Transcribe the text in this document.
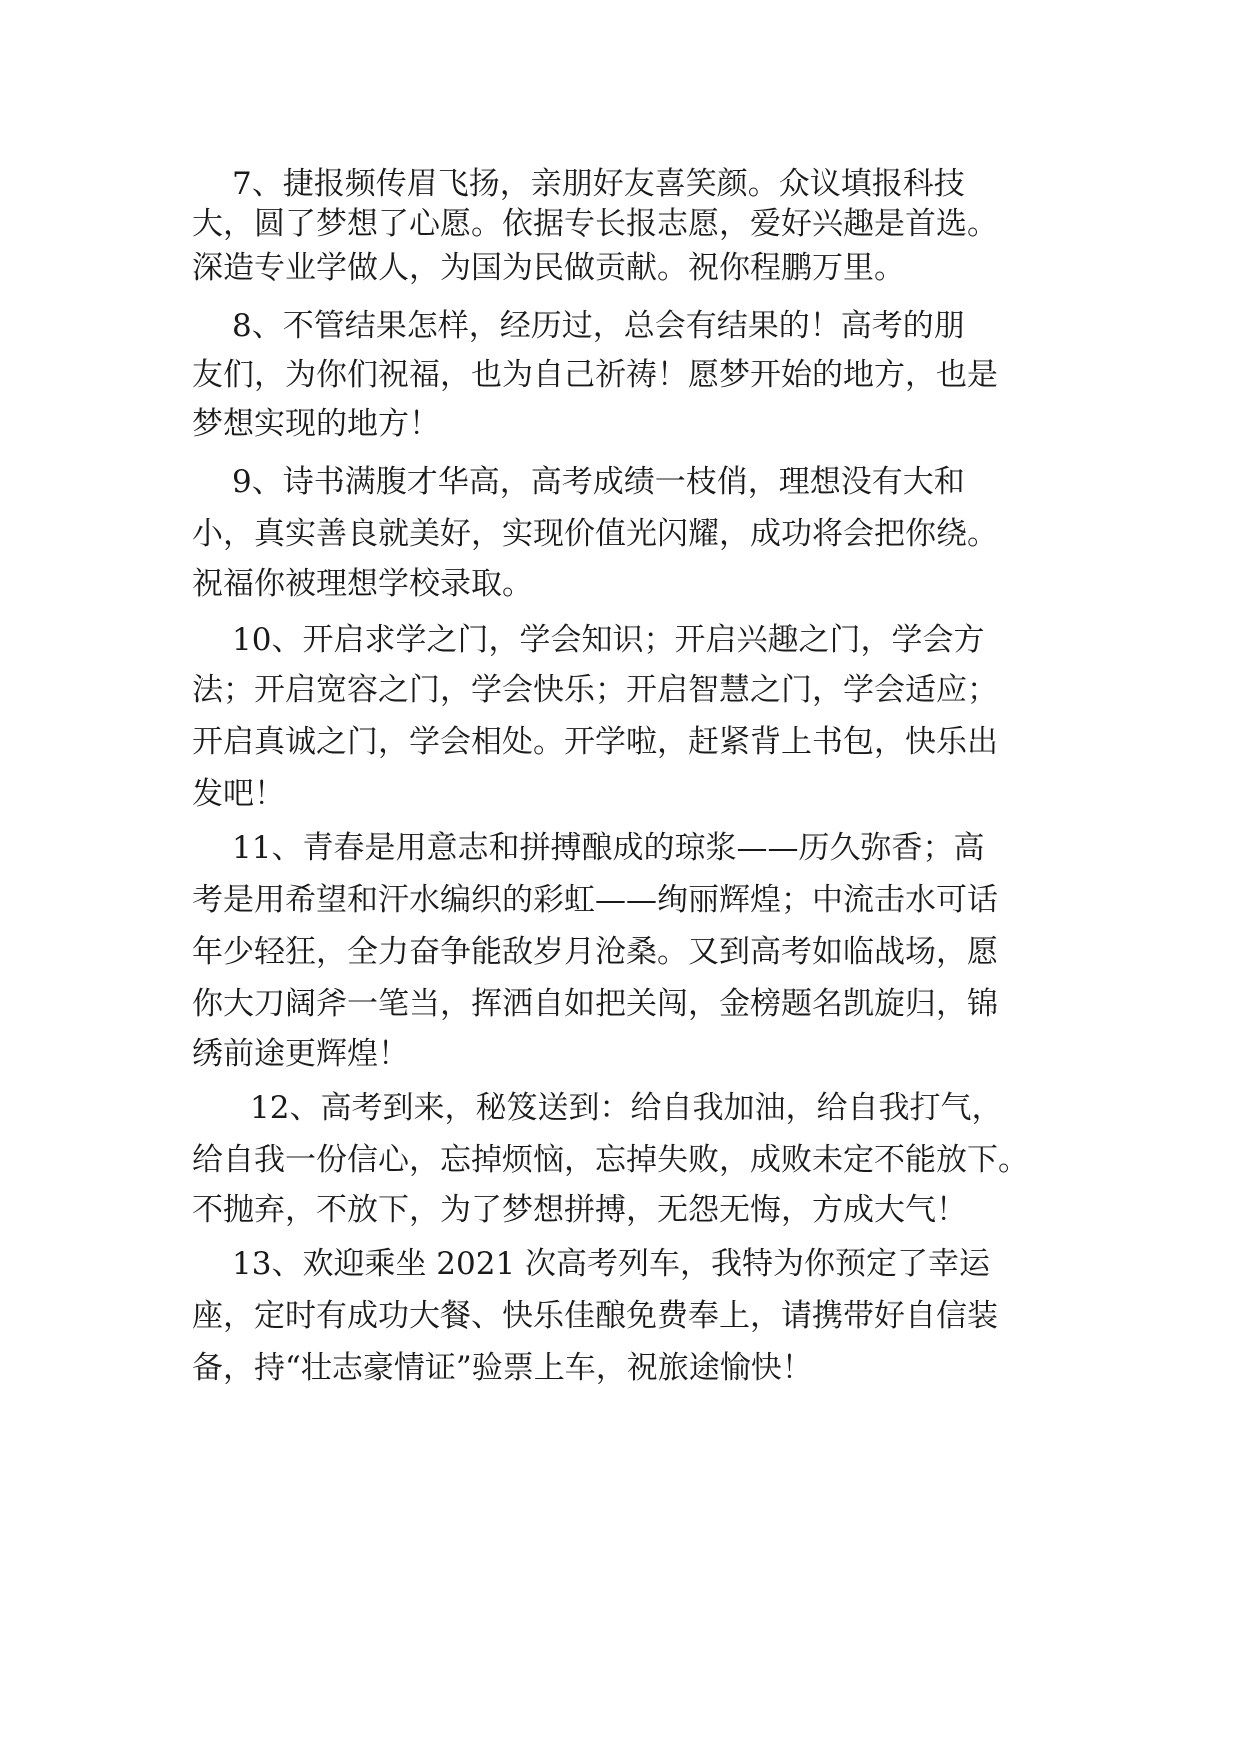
7、捷报频传眉飞扬，亲朋好友喜笑颜。众议填报科技
大，圆了梦想了心愿。依据专长报志愿，爱好兴趣是首选。
深造专业学做人，为国为民做贡献。祝你程鹏万里。
8、不管结果怎样，经历过，总会有结果的！高考的朋
友们，为你们祝福，也为自己祈祷！愿梦开始的地方，也是
梦想实现的地方！
9、诗书满腹才华高，高考成绩一枝俏，理想没有大和
小，真实善良就美好，实现价值光闪耀，成功将会把你绕。
祝福你被理想学校录取。
10、开启求学之门，学会知识；开启兴趣之门，学会方
法；开启宽容之门，学会快乐；开启智慧之门，学会适应；
开启真诚之门，学会相处。开学啦，赶紧背上书包，快乐出
发吧！
11、青春是用意志和拼搏酿成的琼浆——历久弥香；高
考是用希望和汗水编织的彩虹——绚丽辉煌；中流击水可话
年少轻狂，全力奋争能敌岁月沧桑。又到高考如临战场，愿
你大刀阔斧一笔当，挥洒自如把关闯，金榜题名凯旋归，锦
绣前途更辉煌！
12、高考到来，秘笈送到：给自我加油，给自我打气，
给自我一份信心，忘掉烦恼，忘掉失败，成败未定不能放下。
不抛弃，不放下，为了梦想拼搏，无怨无悔，方成大气！
13、欢迎乘坐 2021 次高考列车，我特为你预定了幸运
座，定时有成功大餐、快乐佳酿免费奉上，请携带好自信装
备，持“壮志豪情证”验票上车，祝旅途愉快！
